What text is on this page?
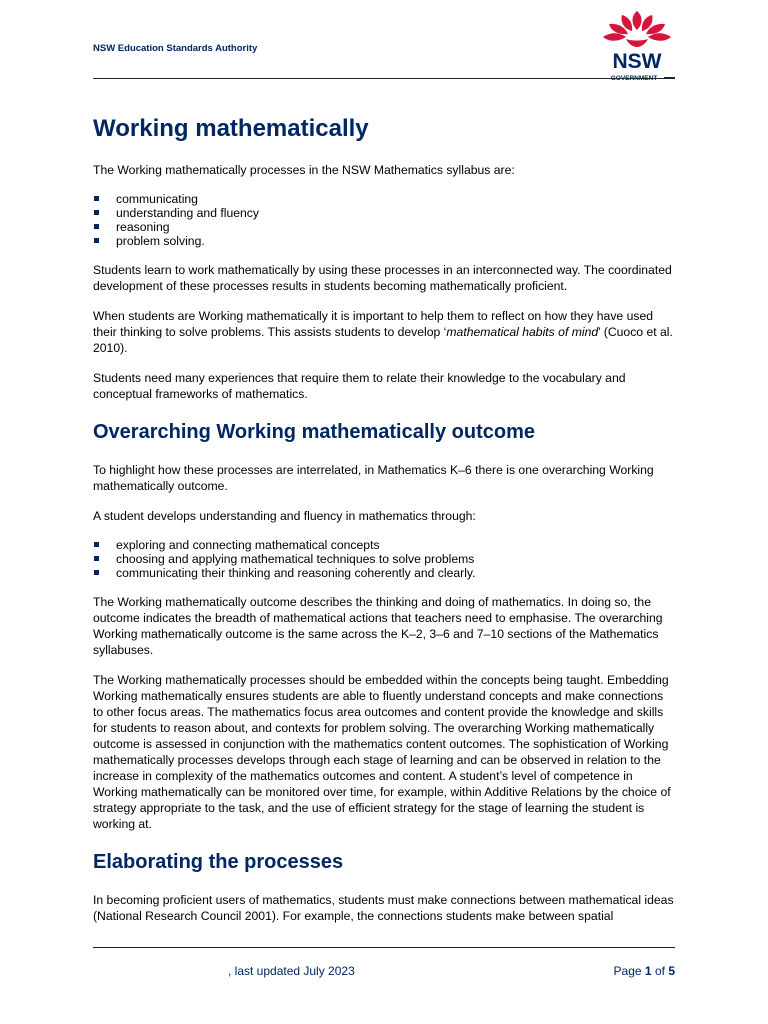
NSW Education Standards Authority
NSW
Working mathematically

The Working mathematically processes in the NSW Mathematics syllabus are:

communicating
understanding and fluency
reasoning
problem solving.

Students learn to work mathematically by using these processes in an interconnected way. The coordinated development of these processes results in students becoming mathematically proficient.

When students are Working mathematically it is important to help them to reflect on how they have used their thinking to solve problems. This assists students to develop ‘mathematical habits of mind’ (Cuoco et al. 2010).

Students need many experiences that require them to relate their knowledge to the vocabulary and conceptual frameworks of mathematics.

Overarching Working mathematically outcome

To highlight how these processes are interrelated, in Mathematics K–6 there is one overarching Working mathematically outcome.

A student develops understanding and fluency in mathematics through:

exploring and connecting mathematical concepts
choosing and applying mathematical techniques to solve problems
communicating their thinking and reasoning coherently and clearly.

The Working mathematically outcome describes the thinking and doing of mathematics. In doing so, the outcome indicates the breadth of mathematical actions that teachers need to emphasise. The overarching Working mathematically outcome is the same across the K–2, 3–6 and 7–10 sections of the Mathematics syllabuses.

The Working mathematically processes should be embedded within the concepts being taught. Embedding Working mathematically ensures students are able to fluently understand concepts and make connections to other focus areas. The mathematics focus area outcomes and content provide the knowledge and skills for students to reason about, and contexts for problem solving. The overarching Working mathematically outcome is assessed in conjunction with the mathematics content outcomes. The sophistication of Working mathematically processes develops through each stage of learning and can be observed in relation to the increase in complexity of the mathematics outcomes and content. A student’s level of competence in Working mathematically can be monitored over time, for example, within Additive Relations by the choice of strategy appropriate to the task, and the use of efficient strategy for the stage of learning the student is working at.

Elaborating the processes

In becoming proficient users of mathematics, students must make connections between mathematical ideas (National Research Council 2001). For example, the connections students make between spatial

, last updated July 2023	Page 1 of 5
